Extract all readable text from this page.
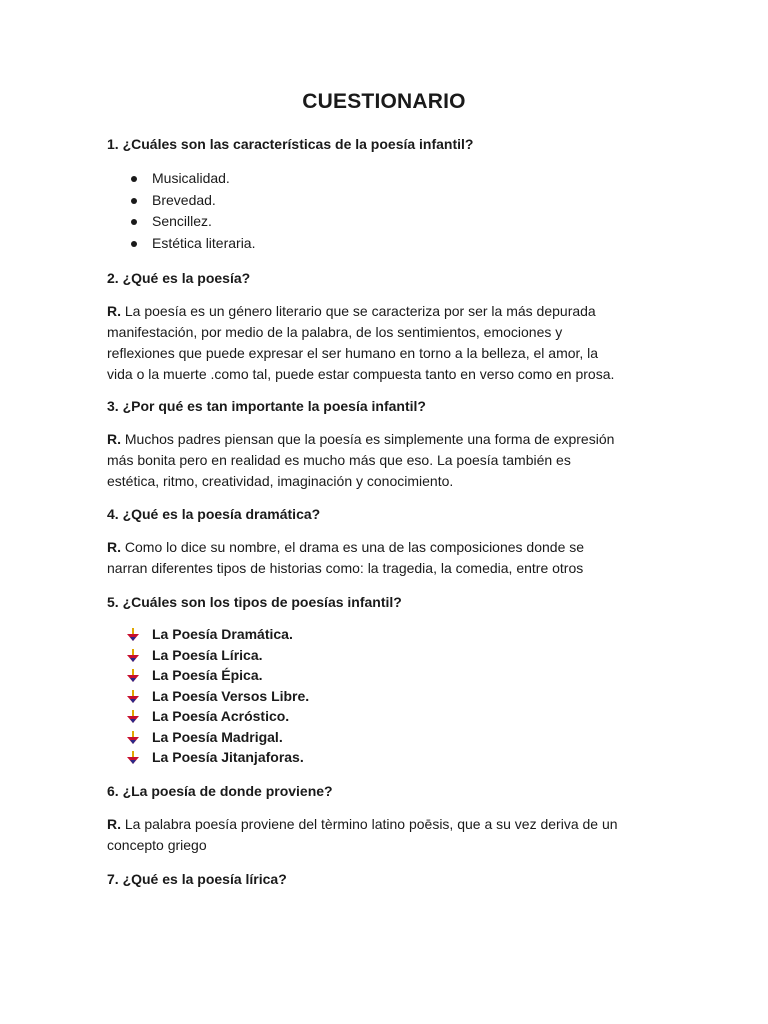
CUESTIONARIO
1. ¿Cuáles son las características de la poesía infantil?
Musicalidad.
Brevedad.
Sencillez.
Estética literaria.
2. ¿Qué es la poesía?
R. La poesía es un género literario que se caracteriza por ser la más depurada
manifestación, por medio de la palabra, de los sentimientos, emociones y
reflexiones que puede expresar el ser humano en torno a la belleza, el amor, la
vida o la muerte .como tal, puede estar compuesta tanto en verso como en prosa.
3. ¿Por qué es tan importante la poesía infantil?
R. Muchos padres piensan que la poesía es simplemente una forma de expresión
más bonita pero en realidad es mucho más que eso. La poesía también es
estética, ritmo, creatividad, imaginación y conocimiento.
4. ¿Qué es la poesía dramática?
R. Como lo dice su nombre, el drama es una de las composiciones donde se
narran diferentes tipos de historias como: la tragedia, la comedia, entre otros
5. ¿Cuáles son los tipos de poesías infantil?
La Poesía Dramática.
La Poesía Lírica.
La Poesía Épica.
La Poesía Versos Libre.
La Poesía Acróstico.
La Poesía Madrigal.
La Poesía Jitanjaforas.
6. ¿La poesía de donde proviene?
R. La palabra poesía proviene del tèrmino latino poēsis, que a su vez deriva de un
concepto griego
7. ¿Qué es la poesía lírica?
